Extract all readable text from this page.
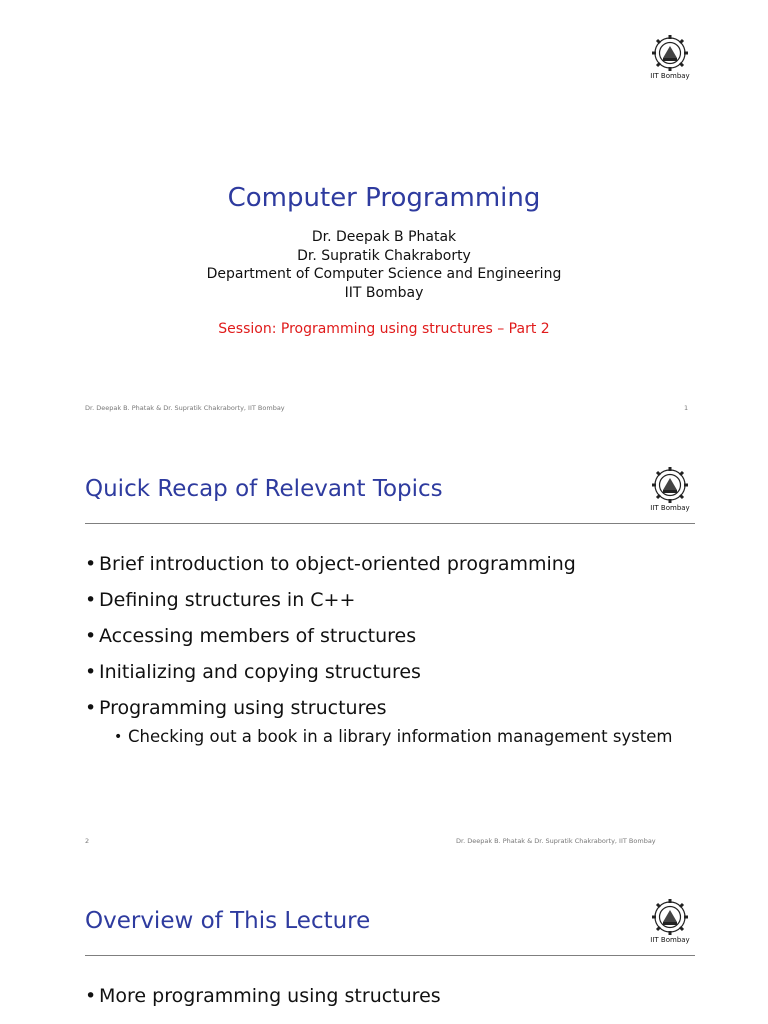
IIT Bombay
Computer Programming
Dr. Deepak B Phatak
Dr. Supratik Chakraborty
Department of Computer Science and Engineering
IIT Bombay
Session: Programming using structures – Part 2
Dr. Deepak B. Phatak & Dr. Supratik Chakraborty, IIT Bombay	1
Quick Recap of Relevant Topics
IIT Bombay
• Brief introduction to object-oriented programming
• Defining structures in C++
• Accessing members of structures
• Initializing and copying structures
• Programming using structures
• Checking out a book in a library information management system
2	Dr. Deepak B. Phatak & Dr. Supratik Chakraborty, IIT Bombay
Overview of This Lecture
IIT Bombay
• More programming using structures
